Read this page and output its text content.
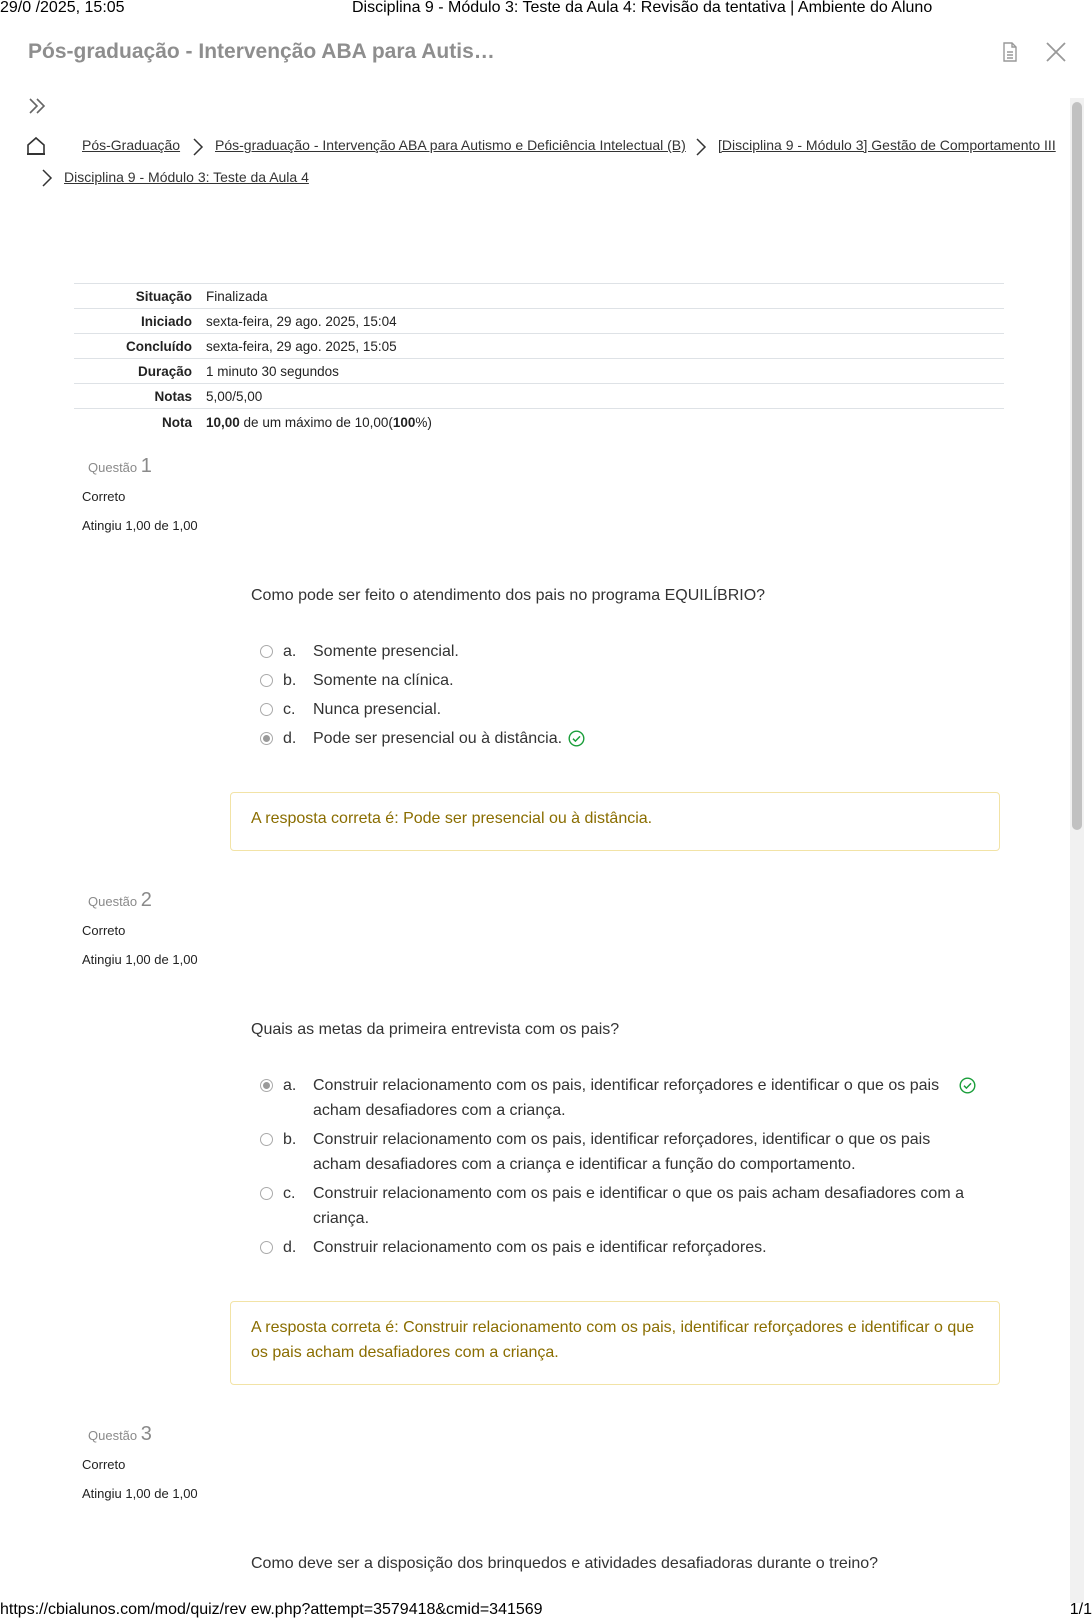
29/0 /2025, 15:05	Disciplina 9 - Módulo 3: Teste da Aula 4: Revisão da tentativa | Ambiente do Aluno
Pós-graduação - Intervenção ABA para Autis…
Pós-Graduação Pós-graduação - Intervenção ABA para Autismo e Deficiência Intelectual (B) [Disciplina 9 - Módulo 3] Gestão de Comportamento III
Disciplina 9 - Módulo 3: Teste da Aula 4
Situação	Finalizada
Iniciado	sexta-feira, 29 ago. 2025, 15:04
Concluído	sexta-feira, 29 ago. 2025, 15:05
Duração	1 minuto 30 segundos
Notas	5,00/5,00
Nota	10,00 de um máximo de 10,00(100%)
Questão 1
Correto
Atingiu 1,00 de 1,00
Como pode ser feito o atendimento dos pais no programa EQUILÍBRIO?
a.	Somente presencial.
b.	Somente na clínica.
c.	Nunca presencial.
d.	Pode ser presencial ou à distância.
A resposta correta é: Pode ser presencial ou à distância.
Questão 2
Correto
Atingiu 1,00 de 1,00
Quais as metas da primeira entrevista com os pais?
a.	Construir relacionamento com os pais, identificar reforçadores e identificar o que os pais acham desafiadores com a criança.
b.	Construir relacionamento com os pais, identificar reforçadores, identificar o que os pais acham desafiadores com a criança e identificar a função do comportamento.
c.	Construir relacionamento com os pais e identificar o que os pais acham desafiadores com a criança.
d.	Construir relacionamento com os pais e identificar reforçadores.
A resposta correta é: Construir relacionamento com os pais, identificar reforçadores e identificar o que os pais acham desafiadores com a criança.
Questão 3
Correto
Atingiu 1,00 de 1,00
Como deve ser a disposição dos brinquedos e atividades desafiadoras durante o treino?
https://cbialunos.com/mod/quiz/rev ew.php?attempt=3579418&cmid=341569	1/1
